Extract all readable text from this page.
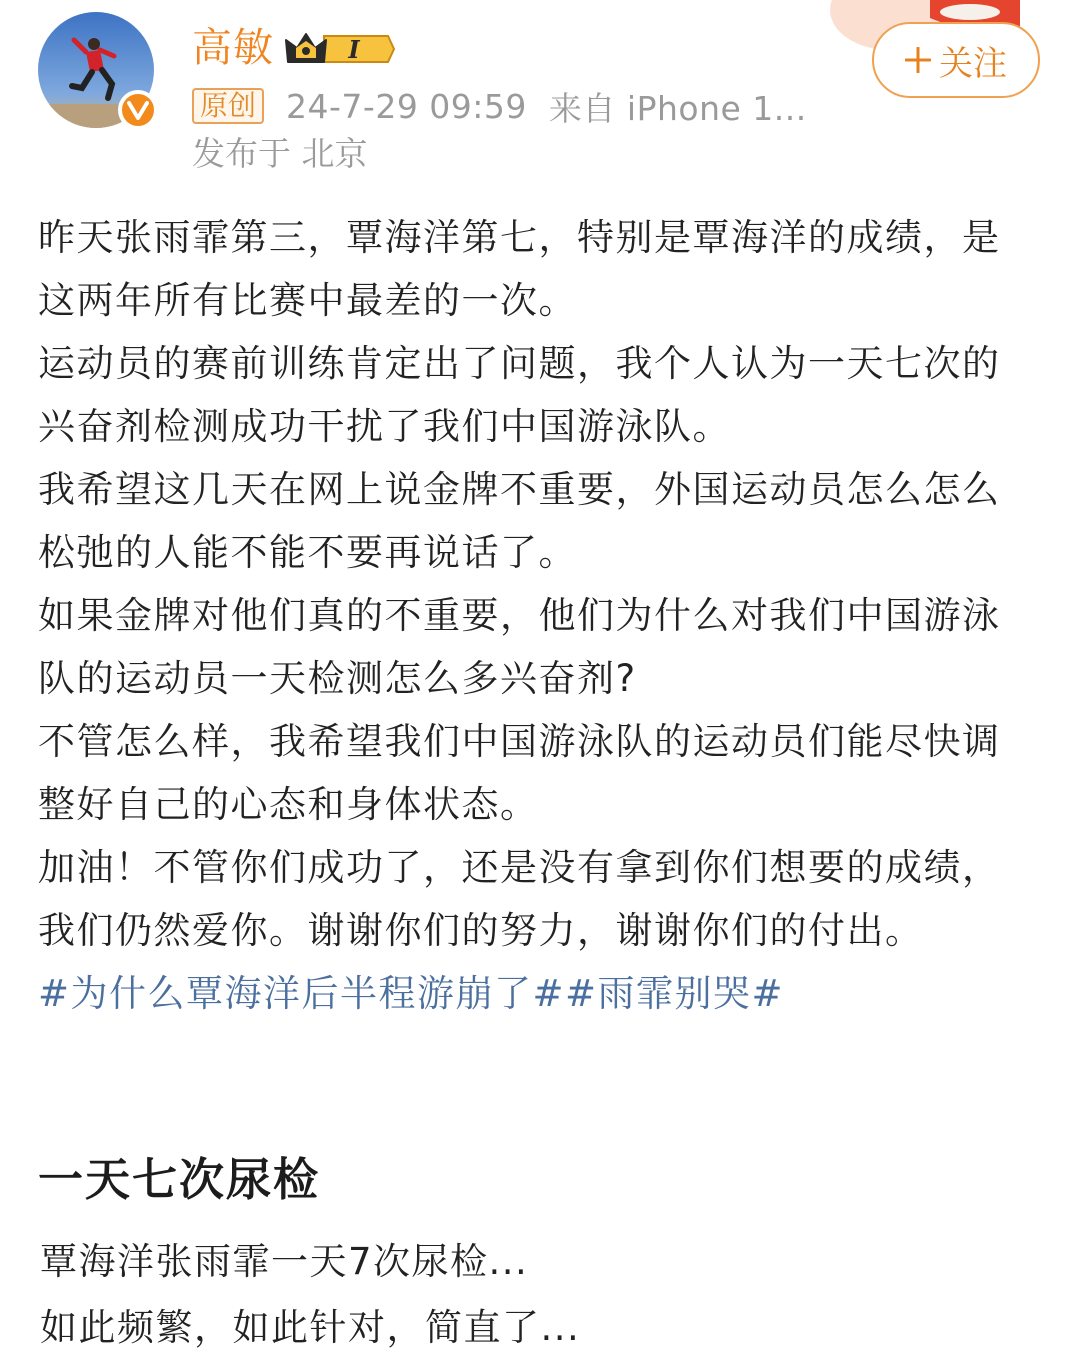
高敏	I
原创 24-7-29 09:59 来自 iPhone 1...
发布于 北京
关注

昨天张雨霏第三，覃海洋第七，特别是覃海洋的成绩，是这两年所有比赛中最差的一次。

运动员的赛前训练肯定出了问题，我个人认为一天七次的兴奋剂检测成功干扰了我们中国游泳队。

我希望这几天在网上说金牌不重要，外国运动员怎么怎么松弛的人能不能不要再说话了。

如果金牌对他们真的不重要，他们为什么对我们中国游泳队的运动员一天检测怎么多兴奋剂?

不管怎么样，我希望我们中国游泳队的运动员们能尽快调整好自己的心态和身体状态。

加油！不管你们成功了，还是没有拿到你们想要的成绩，我们仍然爱你。谢谢你们的努力，谢谢你们的付出。

#为什么覃海洋后半程游崩了##雨霏别哭#

一天七次尿检
覃海洋张雨霏一天7次尿检...
如此频繁，如此针对，简直了...
